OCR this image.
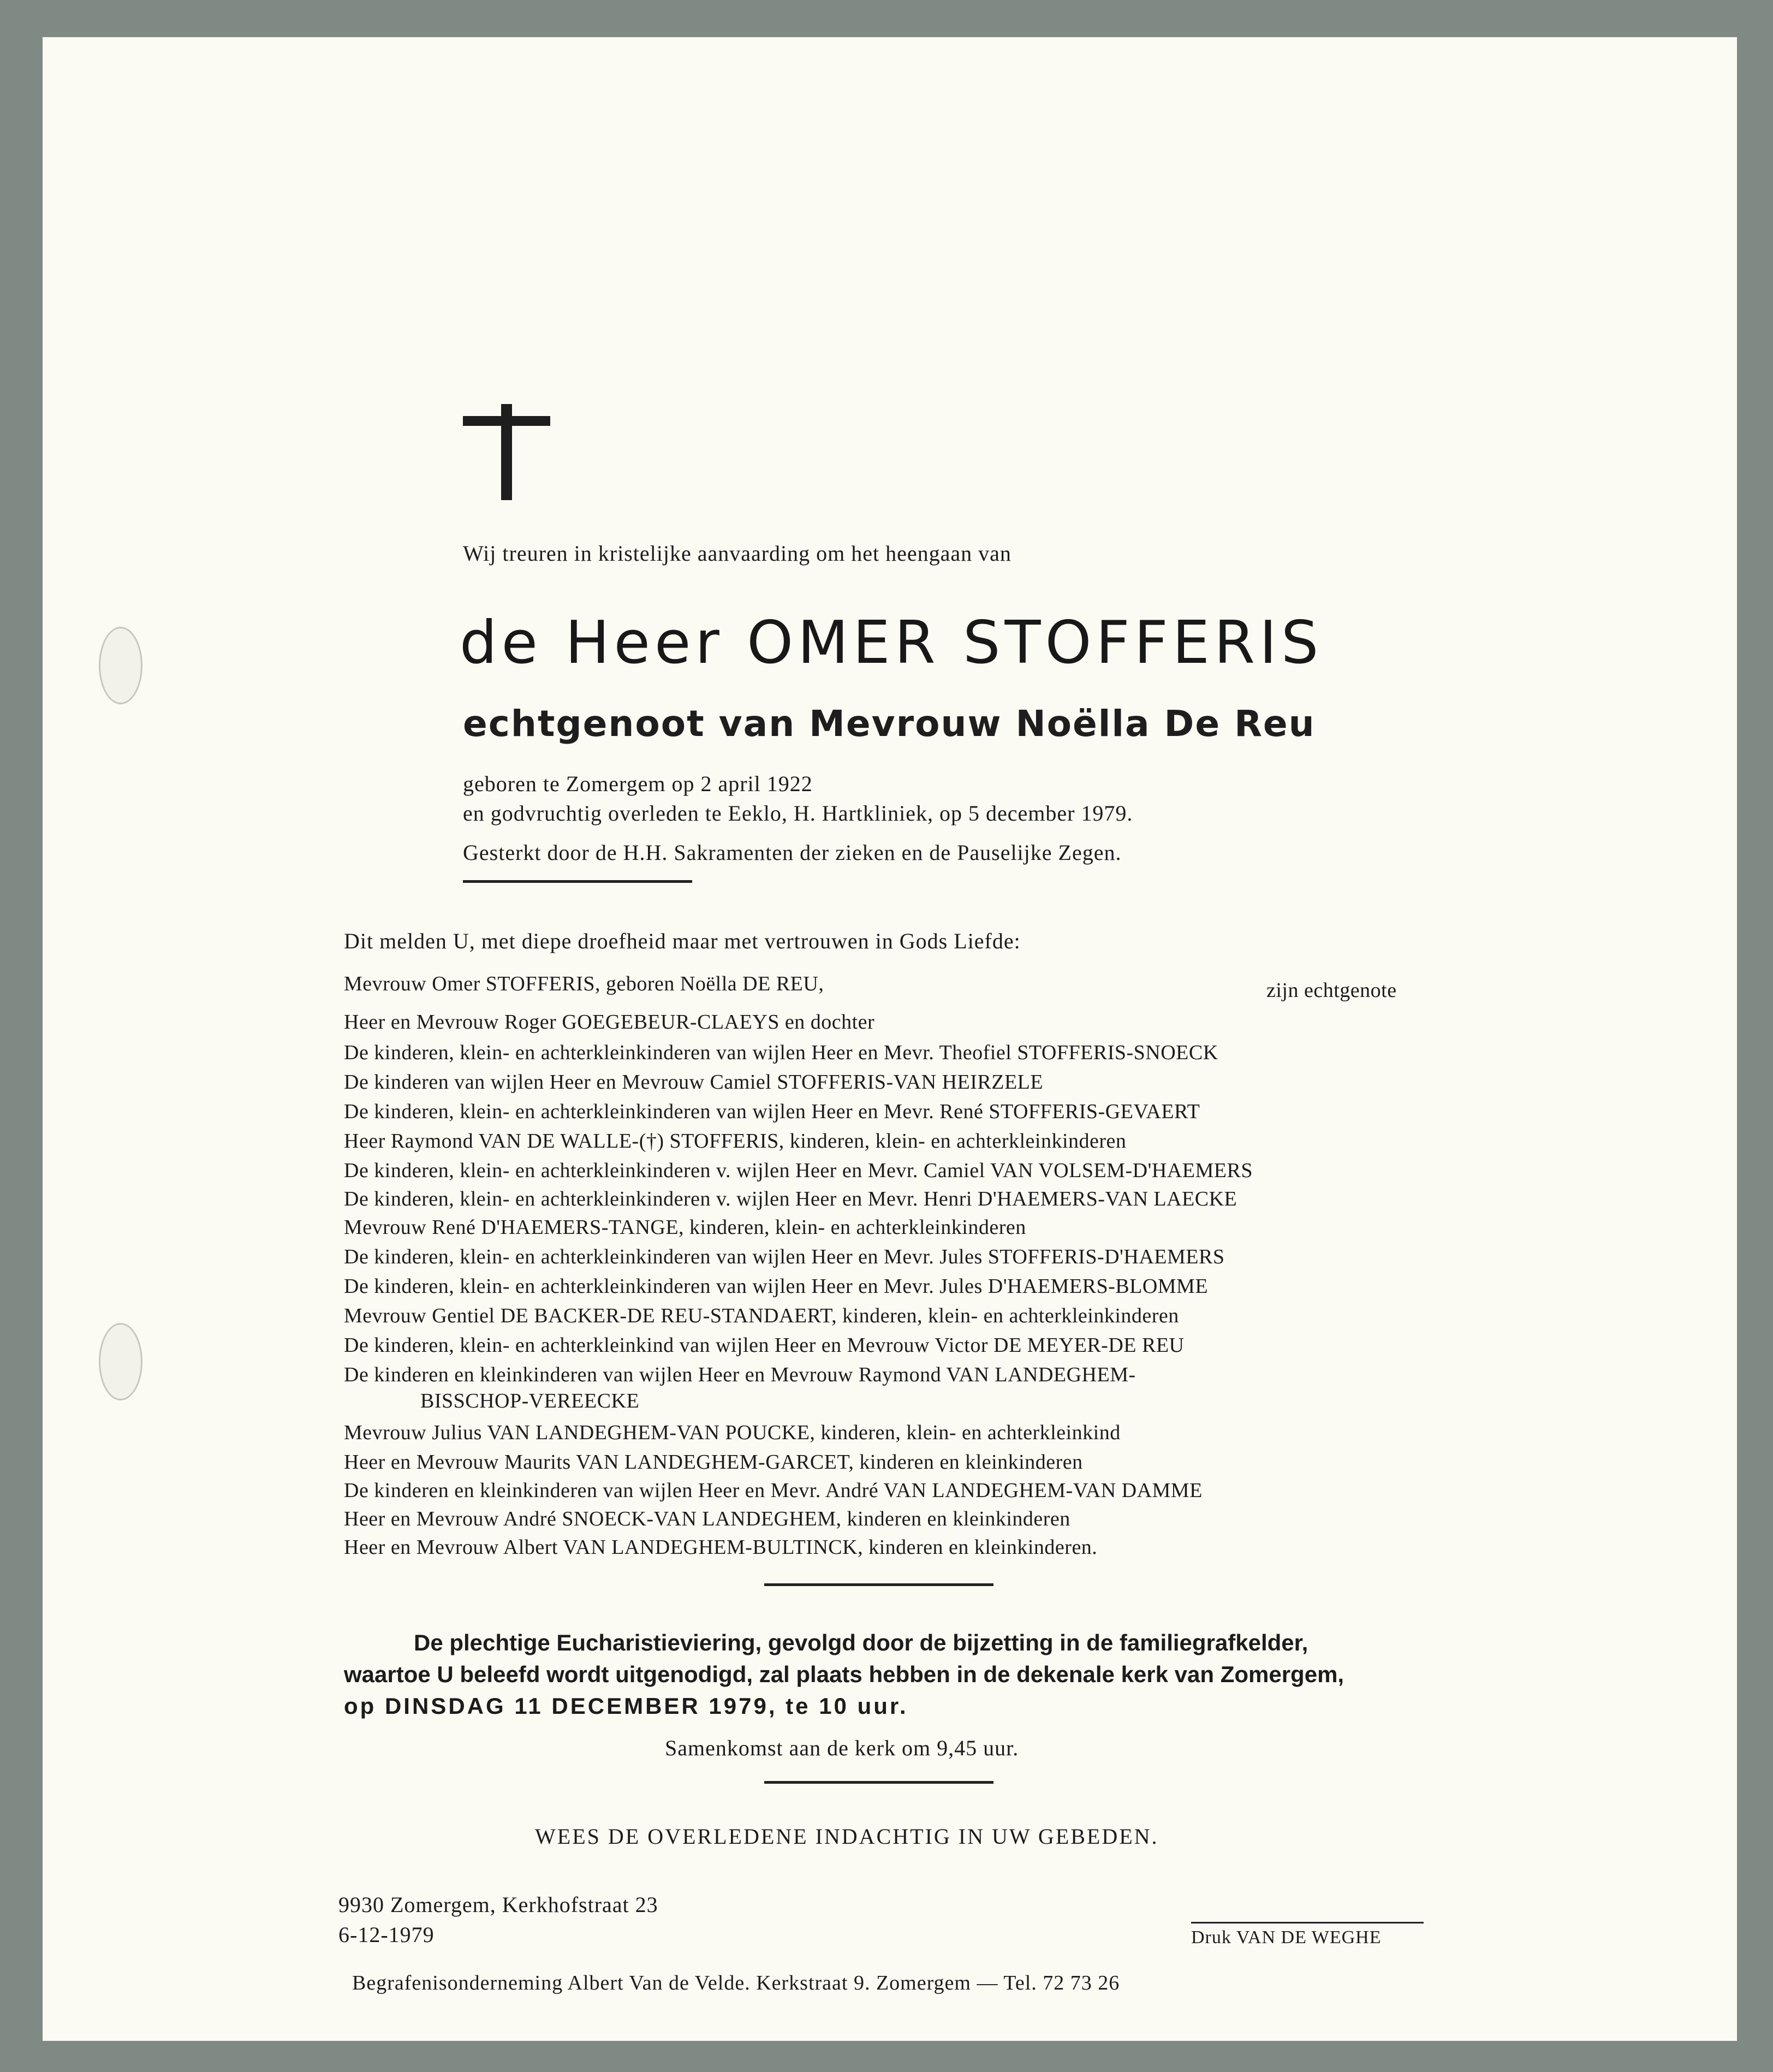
Wij treuren in kristelijke aanvaarding om het heengaan van
de Heer OMER STOFFERIS
echtgenoot van Mevrouw Noëlla De Reu
geboren te Zomergem op 2 april 1922
en godvruchtig overleden te Eeklo, H. Hartkliniek, op 5 december 1979.
Gesterkt door de H.H. Sakramenten der zieken en de Pauselijke Zegen.
Dit melden U, met diepe droefheid maar met vertrouwen in Gods Liefde:
Mevrouw Omer STOFFERIS, geboren Noëlla DE REU,	zijn echtgenote
Heer en Mevrouw Roger GOEGEBEUR-CLAEYS en dochter
De kinderen, klein- en achterkleinkinderen van wijlen Heer en Mevr. Theofiel STOFFERIS-SNOECK
De kinderen van wijlen Heer en Mevrouw Camiel STOFFERIS-VAN HEIRZELE
De kinderen, klein- en achterkleinkinderen van wijlen Heer en Mevr. René STOFFERIS-GEVAERT
Heer Raymond VAN DE WALLE-(†) STOFFERIS, kinderen, klein- en achterkleinkinderen
De kinderen, klein- en achterkleinkinderen v. wijlen Heer en Mevr. Camiel VAN VOLSEM-D'HAEMERS
De kinderen, klein- en achterkleinkinderen v. wijlen Heer en Mevr. Henri D'HAEMERS-VAN LAECKE
Mevrouw René D'HAEMERS-TANGE, kinderen, klein- en achterkleinkinderen
De kinderen, klein- en achterkleinkinderen van wijlen Heer en Mevr. Jules STOFFERIS-D'HAEMERS
De kinderen, klein- en achterkleinkinderen van wijlen Heer en Mevr. Jules D'HAEMERS-BLOMME
Mevrouw Gentiel DE BACKER-DE REU-STANDAERT, kinderen, klein- en achterkleinkinderen
De kinderen, klein- en achterkleinkind van wijlen Heer en Mevrouw Victor DE MEYER-DE REU
De kinderen en kleinkinderen van wijlen Heer en Mevrouw Raymond VAN LANDEGHEM-
BISSCHOP-VEREECKE
Mevrouw Julius VAN LANDEGHEM-VAN POUCKE, kinderen, klein- en achterkleinkind
Heer en Mevrouw Maurits VAN LANDEGHEM-GARCET, kinderen en kleinkinderen
De kinderen en kleinkinderen van wijlen Heer en Mevr. André VAN LANDEGHEM-VAN DAMME
Heer en Mevrouw André SNOECK-VAN LANDEGHEM, kinderen en kleinkinderen
Heer en Mevrouw Albert VAN LANDEGHEM-BULTINCK, kinderen en kleinkinderen.
De plechtige Eucharistieviering, gevolgd door de bijzetting in de familiegrafkelder,
waartoe U beleefd wordt uitgenodigd, zal plaats hebben in de dekenale kerk van Zomergem,
op DINSDAG 11 DECEMBER 1979, te 10 uur.
Samenkomst aan de kerk om 9,45 uur.
WEES DE OVERLEDENE INDACHTIG IN UW GEBEDEN.
9930 Zomergem, Kerkhofstraat 23
6-12-1979	Druk VAN DE WEGHE
Begrafenisonderneming Albert Van de Velde. Kerkstraat 9. Zomergem — Tel. 72 73 26
